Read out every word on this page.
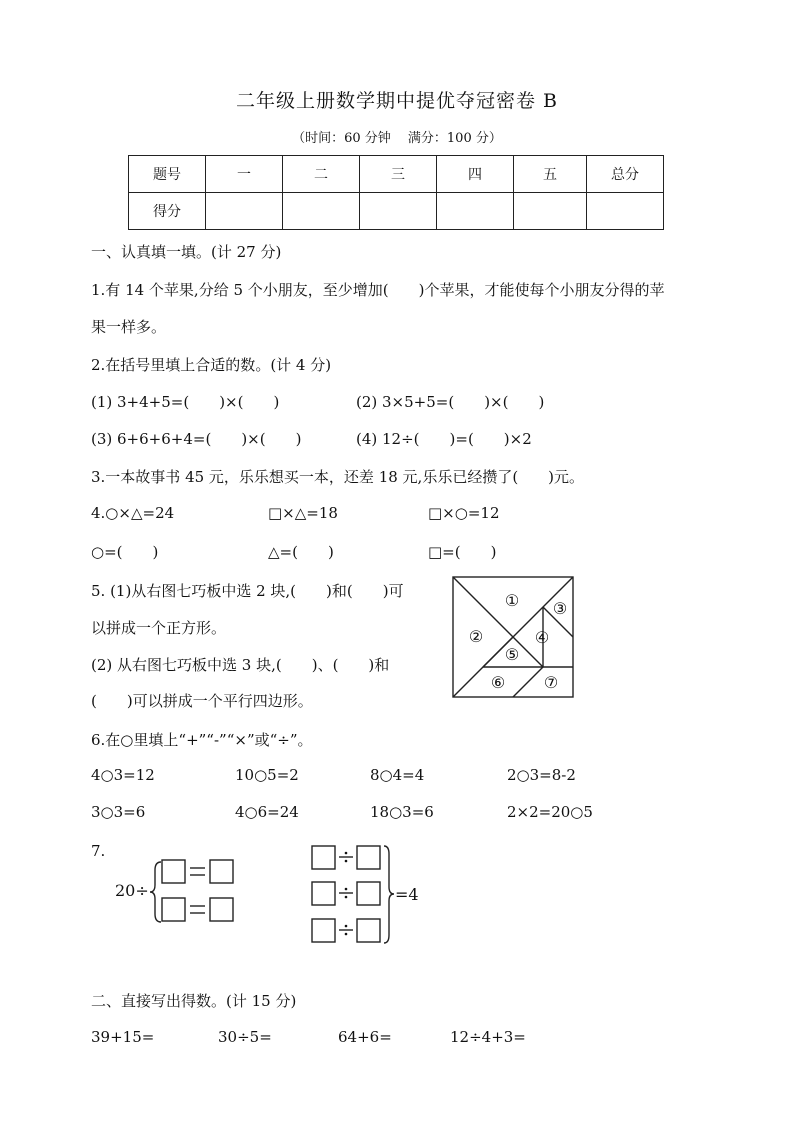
二年级上册数学期中提优夺冠密卷 B
（时间：60 分钟　 满分：100 分）
题号	一	二	三	四	五	总分
得分						
一、认真填一填。(计 27 分)
1.有 14 个苹果,分给 5 个小朋友，至少增加(　　)个苹果，才能使每个小朋友分得的苹
果一样多。
2.在括号里填上合适的数。(计 4 分)
(1) 3+4+5=(　　)×(　　)	(2) 3×5+5=(　　)×(　　)
(3) 6+6+6+4=(　　)×(　　)	(4) 12÷(　　)=(　　)×2
3.一本故事书 45 元，乐乐想买一本，还差 18 元,乐乐已经攒了(　　)元。
4.○×△=24	□×△=18	□×○=12
○=(　　)	△=(　　)	□=(　　)
5. (1)从右图七巧板中选 2 块,(　　)和(　　)可
以拼成一个正方形。
(2) 从右图七巧板中选 3 块,(　　)、(　　)和
(　　)可以拼成一个平行四边形。
①
②
③
④
⑤
⑥ ⑦
6.在○里填上“+”“-”“×”或“÷”。
4○3=12	10○5=2	8○4=4	2○3=8-2
3○3=6	4○6=24	18○3=6	2×2=20○5
7.
20÷	=4
二、直接写出得数。(计 15 分)
39+15=	30÷5=	64+6=	12÷4+3=
